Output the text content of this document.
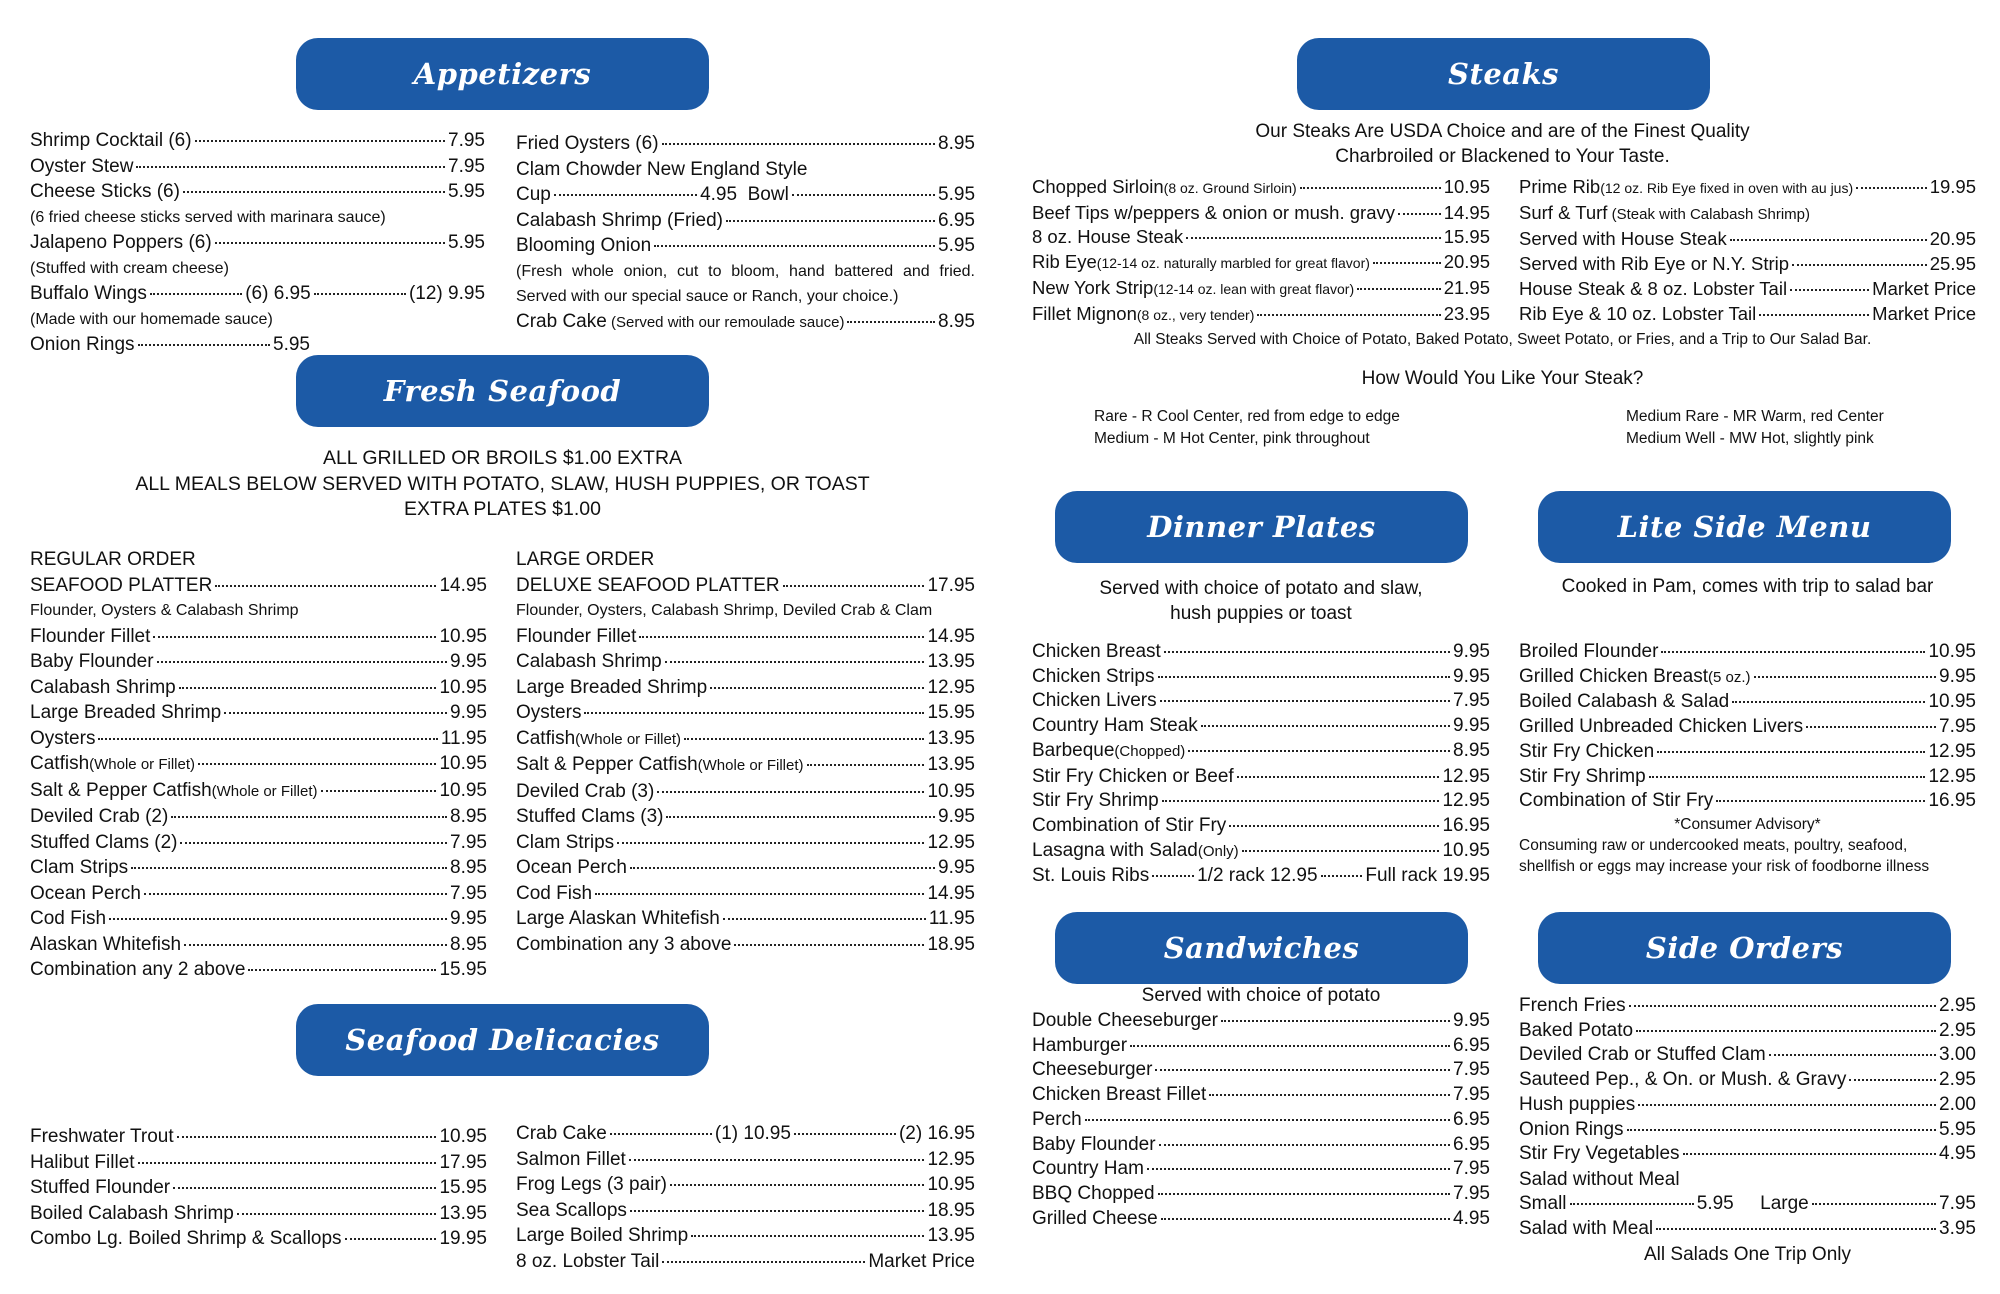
Appetizers
Shrimp Cocktail (6)	7.95
Oyster Stew	7.95
Cheese Sticks (6)	5.95
(6 fried cheese sticks served with marinara sauce)
Jalapeno Poppers (6)	5.95
(Stuffed with cream cheese)
Buffalo Wings	(6) 6.95	(12) 9.95
(Made with our homemade sauce)
Onion Rings	5.95
Fried Oysters (6)	8.95
Clam Chowder New England Style
Cup	4.95
Bowl	5.95
Calabash Shrimp (Fried)	6.95
Blooming Onion	5.95
(Fresh whole onion, cut to bloom, hand battered and fried. Served with our special sauce or Ranch, your choice.)
Crab Cake
(Served with our remoulade sauce)	8.95
Fresh Seafood
ALL GRILLED OR BROILS $1.00 EXTRA
ALL MEALS BELOW SERVED WITH POTATO, SLAW, HUSH PUPPIES, OR TOAST
EXTRA PLATES $1.00
REGULAR ORDER
SEAFOOD PLATTER	14.95
Flounder, Oysters & Calabash Shrimp
Flounder Fillet	10.95
Baby Flounder	9.95
Calabash Shrimp	10.95
Large Breaded Shrimp	9.95
Oysters	11.95
Catfish (Whole or Fillet)	10.95
Salt & Pepper Catfish (Whole or Fillet)	10.95
Deviled Crab (2)	8.95
Stuffed Clams (2)	7.95
Clam Strips	8.95
Ocean Perch	7.95
Cod Fish	9.95
Alaskan Whitefish	8.95
Combination any 2 above	15.95
LARGE ORDER
DELUXE SEAFOOD PLATTER	17.95
Flounder, Oysters, Calabash Shrimp, Deviled Crab & Clam
Flounder Fillet	14.95
Calabash Shrimp	13.95
Large Breaded Shrimp	12.95
Oysters	15.95
Catfish (Whole or Fillet)	13.95
Salt & Pepper Catfish (Whole or Fillet)	13.95
Deviled Crab (3)	10.95
Stuffed Clams (3)	9.95
Clam Strips	12.95
Ocean Perch	9.95
Cod Fish	14.95
Large Alaskan Whitefish	11.95
Combination any 3 above	18.95
Seafood Delicacies
Freshwater Trout	10.95
Halibut Fillet	17.95
Stuffed Flounder	15.95
Boiled Calabash Shrimp	13.95
Combo Lg. Boiled Shrimp & Scallops	19.95
Crab Cake	(1) 10.95	(2) 16.95
Salmon Fillet	12.95
Frog Legs (3 pair)	10.95
Sea Scallops	18.95
Large Boiled Shrimp	13.95
8 oz. Lobster Tail	Market Price
Steaks
Our Steaks Are USDA Choice and are of the Finest Quality
Charbroiled or Blackened to Your Taste.
Chopped Sirloin (8 oz. Ground Sirloin)	10.95
Beef Tips w/peppers & onion or mush. gravy	14.95
8 oz. House Steak	15.95
Rib Eye (12-14 oz. naturally marbled for great flavor)	20.95
New York Strip (12-14 oz. lean with great flavor)	21.95
Fillet Mignon (8 oz., very tender)	23.95
Prime Rib (12 oz. Rib Eye fixed in oven with au jus)	19.95
Surf & Turf (Steak with Calabash Shrimp)
Served with House Steak	20.95
Served with Rib Eye or N.Y. Strip	25.95
House Steak & 8 oz. Lobster Tail	Market Price
Rib Eye & 10 oz. Lobster Tail	Market Price
All Steaks Served with Choice of Potato, Baked Potato, Sweet Potato, or Fries, and a Trip to Our Salad Bar.
How Would You Like Your Steak?
Rare - R Cool Center, red from edge to edge
Medium - M Hot Center, pink throughout
Medium Rare - MR Warm, red Center
Medium Well - MW Hot, slightly pink
Dinner Plates
Served with choice of potato and slaw,
hush puppies or toast
Chicken Breast	9.95
Chicken Strips	9.95
Chicken Livers	7.95
Country Ham Steak	9.95
Barbeque (Chopped)	8.95
Stir Fry Chicken or Beef	12.95
Stir Fry Shrimp	12.95
Combination of Stir Fry	16.95
Lasagna with Salad (Only)	10.95
St. Louis Ribs	1/2 rack 12.95	Full rack 19.95
Lite Side Menu
Cooked in Pam, comes with trip to salad bar
Broiled Flounder	10.95
Grilled Chicken Breast (5 oz.)	9.95
Boiled Calabash & Salad	10.95
Grilled Unbreaded Chicken Livers	7.95
Stir Fry Chicken	12.95
Stir Fry Shrimp	12.95
Combination of Stir Fry	16.95
*Consumer Advisory*
Consuming raw or undercooked meats, poultry, seafood,
shellfish or eggs may increase your risk of foodborne illness
Sandwiches
Served with choice of potato
Double Cheeseburger	9.95
Hamburger	6.95
Cheeseburger	7.95
Chicken Breast Fillet	7.95
Perch	6.95
Baby Flounder	6.95
Country Ham	7.95
BBQ Chopped	7.95
Grilled Cheese	4.95
Side Orders
French Fries	2.95
Baked Potato	2.95
Deviled Crab or Stuffed Clam	3.00
Sauteed Pep., & On. or Mush. & Gravy	2.95
Hush puppies	2.00
Onion Rings	5.95
Stir Fry Vegetables	4.95
Salad without Meal
Small	5.95
Large	7.95
Salad with Meal	3.95
All Salads One Trip Only
